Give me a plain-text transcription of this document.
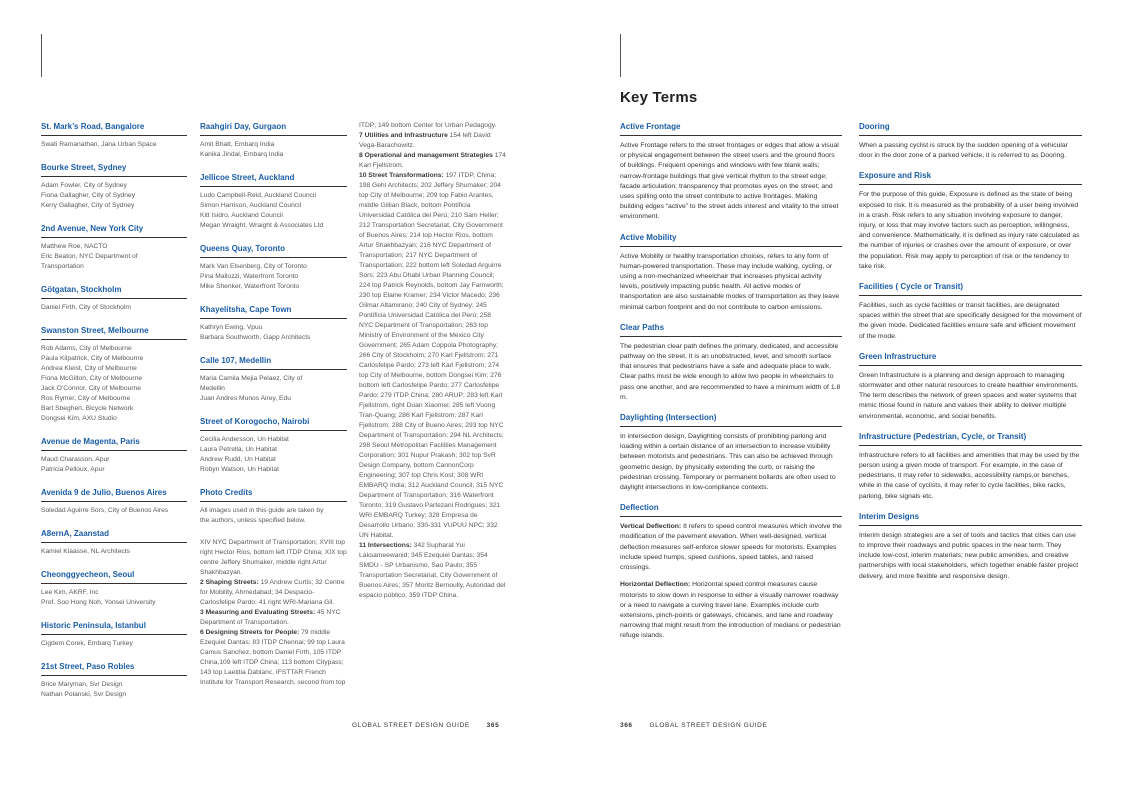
St. Mark’s Road, Bangalore
Swati Ramanathan, Jana Urban Space
Bourke Street, Sydney
Adam Fowler, City of Sydney
Fiona Gallagher, City of Sydney
Kerry Gallagher, City of Sydney
2nd Avenue, New York City
Matthew Roe, NACTO
Eric Beaton, NYC Department of
Transportation
Götgatan, Stockholm
Daniel Firth, City of Stockholm
Swanston Street, Melbourne
Rob Adams, City of Melbourne
Paula Kilpatrick, City of Melbourne
Andrea Kleist, City of Melbourne
Fiona McGilton, City of Melbourne
Jack O’Connor, City of Melbourne
Ros Rymer, City of Melbourne
Bart Sbeghen, Bicycle Network
Dongsei Kim, AXU Studio
Avenue de Magenta, Paris
Maud Charasson, Apur
Patricia Pelloux, Apur
Avenida 9 de Julio, Buenos Aires
Soledad Aguirre Sors, City of Buenos Aires
A8ernA, Zaanstad
Kamiel Klaasse, NL Architects
Cheonggyecheon, Seoul
Lee Kim, AKRF, Inc
Prof. Soo Hong Noh, Yonsei University
Historic Peninsula, Istanbul
Cigdem Corek, Embarq Turkey
21st Street, Paso Robles
Brice Maryman, Svr Design
Nathan Polanski, Svr Design
Raahgiri Day, Gurgaon
Amit Bhatt, Embarq India
Kanika Jindal, Embarq India
Jellicoe Street, Auckland
Ludo Campbell-Reid, Auckland Council
Simon Harrison, Auckland Council
Kitt Isidro, Auckland Council
Megan Wraight, Wraight & Associates Ltd
Queens Quay, Toronto
Mark Van Elsenberg, City of Toronto
Pina Mallozzi, Waterfront Toronto
Mike Shenker, Waterfront Toronto
Khayelitsha, Cape Town
Kathryn Ewing, Vpuu
Barbara Southworth, Gapp Architects
Calle 107, Medellin
Maria Camila Mejia Pelaez, City of
Medellin
Juan Andres Munos Airey, Edu
Street of Korogocho, Nairobi
Cecilia Andersson, Un Habitat
Laura Petrella, Un Habitat
Andrew Rudd, Un Habitat
Robyn Watson, Un Habitat
Photo Credits
All images used in this guide are taken by
the authors, unless specified below.
XIV NYC Department of Transportation; XVIII top right Hector Rios, bottom left ITDP China; XIX top centre Jeffery Shumaker, middle right Artur Shakhbazyan.
2 Shaping Streets: 19 Andrew Curtis; 32 Centre for Mobility, Ahmedabad; 34 Despacio-Carlosfelipe Pardo; 41 right WRI-Mariana Gil.
3 Measuring and Evaluating Streets: 45 NYC Department of Transportation.
6 Designing Streets for People: 79 middle Ezequiel Dantas; 83 ITDP Chennai; 99 top Laura Camus Sanchez, bottom Daniel Firth, 105 ITDP China,109 left ITDP China; 113 bottom Citypass; 143 top Laetitia Dablanc, IFSTTAR French Institute for Transport Research, second from top
ITDP; 149 bottom Center for Urban Pedagogy.
7 Utilities and Infrastructure 154 left David Vega-Barachowitz.
8 Operational and management Strategies 174 Karl Fjellstrom.
10 Street Transformations: 197 ITDP, China; 198 Gehl Architects; 202 Jeffery Shumaker; 204 top City of Melbourne; 209 top Fabio Arantes, middle Gillian Black, bottom Pontificia Universidad Católica del Perú; 210 Sam Heller; 212 Transportation Secretariat, City Government of Buenos Aires; 214 top Hector Rios, bottom Artur Shakhbazyan; 216 NYC Department of Transportation; 217 NYC Department of Transportation; 222 bottom left Soledad Arguirre Sors; 223 Abu Dhabi Urban Planning Council; 224 top Patrick Reynolds, bottom Jay Farnworth; 230 top Elaine Kramer; 234 Victor Macedo; 236 Gilmar Altamirano; 240 City of Sydney; 245 Pontificia Universidad Católica del Perú; 258 NYC Department of Transportation; 263 top Ministry of Environment of the Mexico City Government; 265 Adam Coppola Photography; 266 City of Stockholm; 270 Karl Fjellstrom; 271 Carlosfelipe Pardo; 273 left Karl Fjellstrom; 274 top City of Melbourne, bottom Dongsei Kim; 276 bottom left Carlosfelipe Pardo; 277 Carlosfelipe Pardo; 279 ITDP China; 280 ARUP; 283 left Karl Fjellstrom, right Duan Xiaomei; 285 left Vuong Tran-Quang; 286 Karl Fjellstrom; 287 Karl Fjellstrom; 288 City of Bueno Aires; 293 top NYC Department of Transportation; 294 NL Architects; 298 Seoul Metropolitan Facilities Management Corporation; 301 Nupur Prakash; 302 top SvR Design Company, bottom CannonCorp Engineering; 307 top Chris Kost; 308 WRI EMBARQ India; 312 Auckland Council; 315 NYC Department of Transportation; 316 Waterfront Toronto; 319 Gustavo Partezani Rodrigues; 321 WRI EMBARQ Turkey; 328 Empresa de Desarrollo Urbano; 330-331 VUPUU NPC; 332 UN Habitat.
11 Intersections: 342 Supharat Yui Laksameewanid; 345 Ezequiel Dantas; 354 SMDU - SP Urbanismo, Sao Paulo; 355 Transportation Secretariat, City Government of Buenos Aires; 357 Moritz Bernoully, Autoridad del espacio público; 359 ITDP China.
GLOBAL STREET DESIGN GUIDE	365	366	GLOBAL STREET DESIGN GUIDE
Key Terms
Active Frontage

Active Frontage refers to the street frontages or edges that allow a visual or physical engagement between the street users and the ground floors of buildings. Frequent openings and windows with few blank walls; narrow-frontage buildings that give vertical rhythm to the street edge; facade articulation; transparency that promotes eyes on the street; and uses spilling onto the street contribute to active frontages. Making building edges “active” to the street adds interest and vitality to the street environment.

Active Mobility

Active Mobility or healthy transportation choices, refers to any form of human-powered transportation. These may include walking, cycling, or using a non-mechanized wheelchair that increases physical activity levels, positively impacting public health. All active modes of transportation are also sustainable modes of transportation as they leave minimal carbon footprint and do not contribute to carbon emissions.

Clear Paths

The pedestrian clear path defines the primary, dedicated, and accessible pathway on the street. It is an unobstructed, level, and smooth surface that ensures that pedestrians have a safe and adequate place to walk. Clear paths must be wide enough to allow two people in wheelchairs to pass one another, and are recommended to have a minimum width of 1.8 m.

Daylighting (Intersection)

In intersection design, Daylighting consists of prohibiting parking and loading within a certain distance of an intersection to increase visibility between motorists and pedestrians. This can also be achieved through geometric design, by physically extending the curb, or raising the pedestrian crossing. Temporary or permanent bollards are often used to daylight intersections in low-compliance contexts.

Deflection

Vertical Deflection: It refers to speed control measures which involve the modification of the pavement elevation. When well-designed, vertical deflection measures self-enforce slower speeds for motorists. Examples include speed humps, speed cushions, speed tables, and raised crossings.

Horizontal Deflection: Horizontal speed control measures cause motorists to slow down in response to either a visually narrower roadway or a need to navigate a curving travel lane. Examples include curb extensions, pinch-points or gateways, chicanes, and lane and roadway narrowing that might result from the introduction of medians or pedestrian refuge islands.

Dooring

When a passing cyclist is struck by the sudden opening of a vehicular door in the door zone of a parked vehicle, it is referred to as Dooring.

Exposure and Risk

For the purpose of this guide, Exposure is defined as the state of being exposed to risk. It is measured as the probability of a user being involved in a crash. Risk refers to any situation involving exposure to danger, injury, or loss that may involve factors such as perception, willingness, and convenience. Mathematically, it is defined as injury rate calculated as the number of injuries or crashes over the amount of exposure, or over the population. Risk may apply to perception of risk or the tendency to take risk.

Facilities ( Cycle or Transit)

Facilities, such as cycle facilities or transit facilities, are designated spaces within the street that are specifically designed for the movement of the given mode. Dedicated facilities ensure safe and efficient movement of the mode.

Green Infrastructure

Green Infrastructure is a planning and design approach to managing stormwater and other natural resources to create healthier environments. The term describes the network of green spaces and water systems that mimic those found in nature and values their ability to deliver multiple environmental, economic, and social benefits.

Infrastructure (Pedestrian, Cycle, or Transit)

Infrastructure refers to all facilities and amenities that may be used by the person using a given mode of transport. For example, in the case of pedestrians, it may refer to sidewalks, accessibility ramps,or benches, while in the case of cyclists, it may refer to cycle facilities, bike racks, parking, bike signals etc.

Interim Designs

Interim design strategies are a set of tools and tactics that cities can use to improve their roadways and public spaces in the near term. They include low-cost, interim materials; new public amenities, and creative partnerships with local stakeholders, which together enable faster project delivery, and more flexible and responsive design.
